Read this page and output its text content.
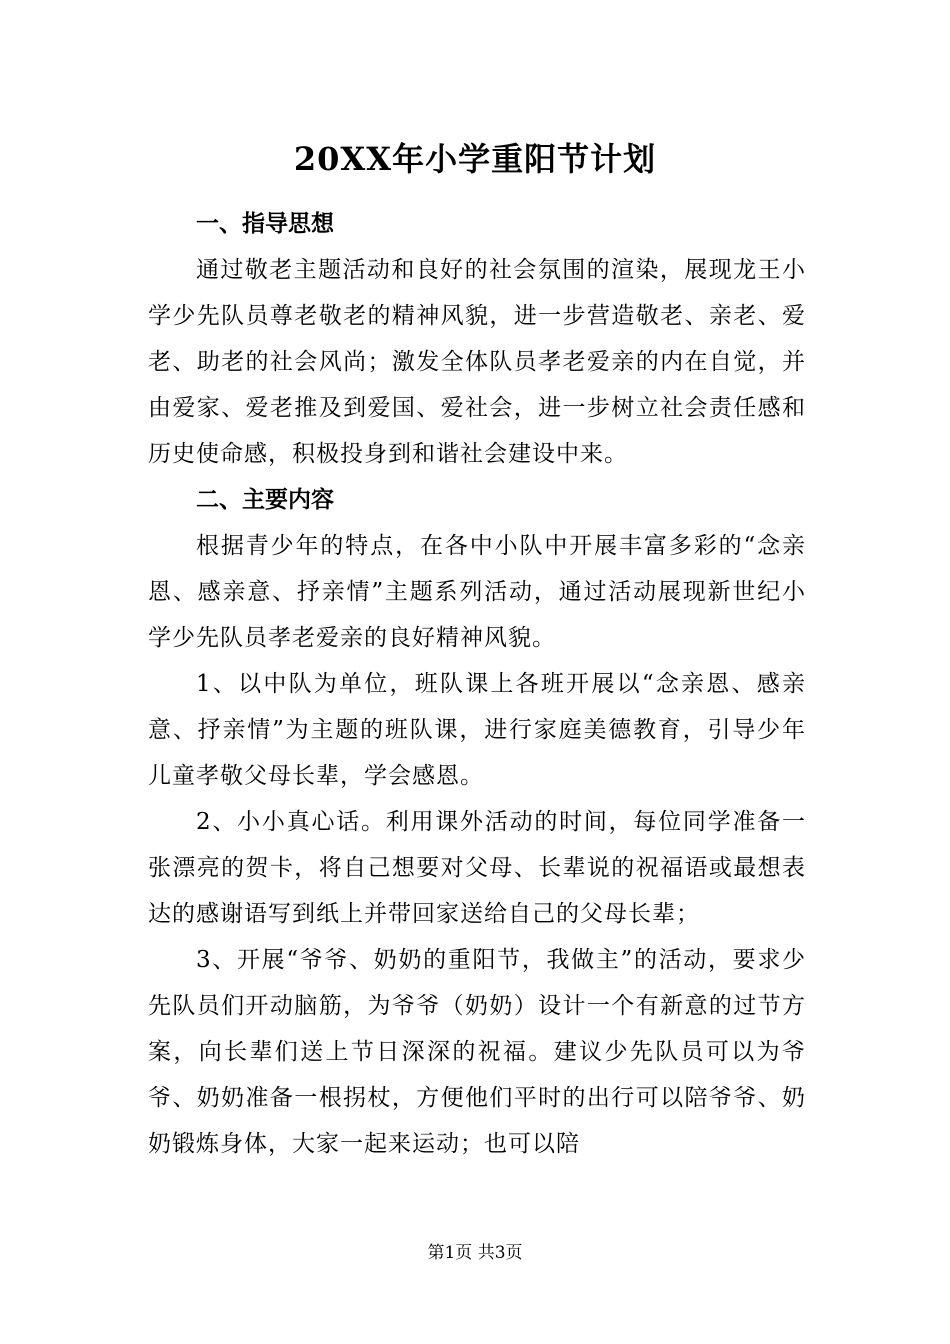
20XX年小学重阳节计划
一、指导思想

通过敬老主题活动和良好的社会氛围的渲染，展现龙王小学少先队员尊老敬老的精神风貌，进一步营造敬老、亲老、爱老、助老的社会风尚；激发全体队员孝老爱亲的内在自觉，并由爱家、爱老推及到爱国、爱社会，进一步树立社会责任感和历史使命感，积极投身到和谐社会建设中来。

二、主要内容

根据青少年的特点，在各中小队中开展丰富多彩的“念亲恩、感亲意、抒亲情”主题系列活动，通过活动展现新世纪小学少先队员孝老爱亲的良好精神风貌。

1、以中队为单位，班队课上各班开展以“念亲恩、感亲意、抒亲情”为主题的班队课，进行家庭美德教育，引导少年儿童孝敬父母长辈，学会感恩。

2、小小真心话。利用课外活动的时间，每位同学准备一张漂亮的贺卡，将自己想要对父母、长辈说的祝福语或最想表达的感谢语写到纸上并带回家送给自己的父母长辈；

3、开展“爷爷、奶奶的重阳节，我做主”的活动，要求少先队员们开动脑筋，为爷爷（奶奶）设计一个有新意的过节方案，向长辈们送上节日深深的祝福。建议少先队员可以为爷爷、奶奶准备一根拐杖，方便他们平时的出行可以陪爷爷、奶奶锻炼身体，大家一起来运动；也可以陪

第1页 共3页
